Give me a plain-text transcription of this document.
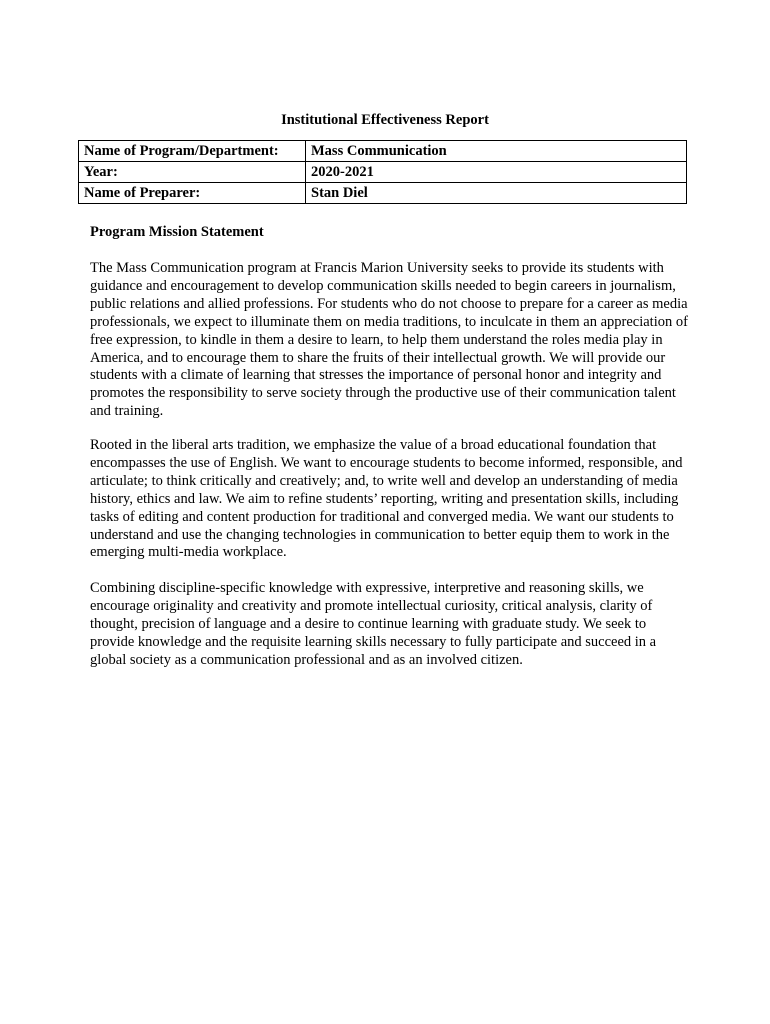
Institutional Effectiveness Report
Name of Program/Department:	Mass Communication
Year:	2020-2021
Name of Preparer:	Stan Diel
Program Mission Statement

The Mass Communication program at Francis Marion University seeks to provide its students with guidance and encouragement to develop communication skills needed to begin careers in journalism, public relations and allied professions. For students who do not choose to prepare for a career as media professionals, we expect to illuminate them on media traditions, to inculcate in them an appreciation of free expression, to kindle in them a desire to learn, to help them understand the roles media play in America, and to encourage them to share the fruits of their intellectual growth. We will provide our students with a climate of learning that stresses the importance of personal honor and integrity and promotes the responsibility to serve society through the productive use of their communication talent and training.

Rooted in the liberal arts tradition, we emphasize the value of a broad educational foundation that encompasses the use of English. We want to encourage students to become informed, responsible, and articulate; to think critically and creatively; and, to write well and develop an understanding of media history, ethics and law. We aim to refine students’ reporting, writing and presentation skills, including tasks of editing and content production for traditional and converged media. We want our students to understand and use the changing technologies in communication to better equip them to work in the emerging multi-media workplace.

Combining discipline-specific knowledge with expressive, interpretive and reasoning skills, we encourage originality and creativity and promote intellectual curiosity, critical analysis, clarity of thought, precision of language and a desire to continue learning with graduate study. We seek to provide knowledge and the requisite learning skills necessary to fully participate and succeed in a global society as a communication professional and as an involved citizen.
